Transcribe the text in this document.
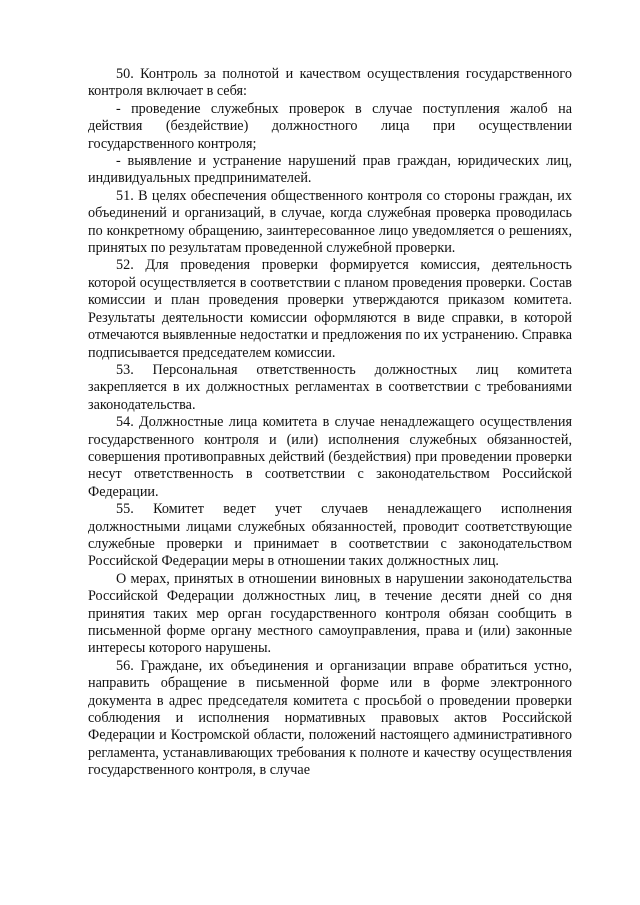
50. Контроль за полнотой и качеством осуществления государственного контроля включает в себя:

- проведение служебных проверок в случае поступления жалоб на действия (бездействие) должностного лица при осуществлении государственного контроля;

- выявление и устранение нарушений прав граждан, юридических лиц, индивидуальных предпринимателей.

51. В целях обеспечения общественного контроля со стороны граждан, их объединений и организаций, в случае, когда служебная проверка проводилась по конкретному обращению, заинтересованное лицо уведомляется о решениях, принятых по результатам проведенной служебной проверки.

52. Для проведения проверки формируется комиссия, деятельность которой осуществляется в соответствии с планом проведения проверки. Состав комиссии и план проведения проверки утверждаются приказом комитета. Результаты деятельности комиссии оформляются в виде справки, в которой отмечаются выявленные недостатки и предложения по их устранению. Справка подписывается председателем комиссии.

53. Персональная ответственность должностных лиц комитета закрепляется в их должностных регламентах в соответствии с требованиями законодательства.

54. Должностные лица комитета в случае ненадлежащего осуществления государственного контроля и (или) исполнения служебных обязанностей, совершения противоправных действий (бездействия) при проведении проверки несут ответственность в соответствии с законодательством Российской Федерации.

55. Комитет ведет учет случаев ненадлежащего исполнения должностными лицами служебных обязанностей, проводит соответствующие служебные проверки и принимает в соответствии с законодательством Российской Федерации меры в отношении таких должностных лиц.

О мерах, принятых в отношении виновных в нарушении законодательства Российской Федерации должностных лиц, в течение десяти дней со дня принятия таких мер орган государственного контроля обязан сообщить в письменной форме органу местного самоуправления, права и (или) законные интересы которого нарушены.

56. Граждане, их объединения и организации вправе обратиться устно, направить обращение в письменной форме или в форме электронного документа в адрес председателя комитета с просьбой о проведении проверки соблюдения и исполнения нормативных правовых актов Российской Федерации и Костромской области, положений настоящего административного регламента, устанавливающих требования к полноте и качеству осуществления государственного контроля, в случае
